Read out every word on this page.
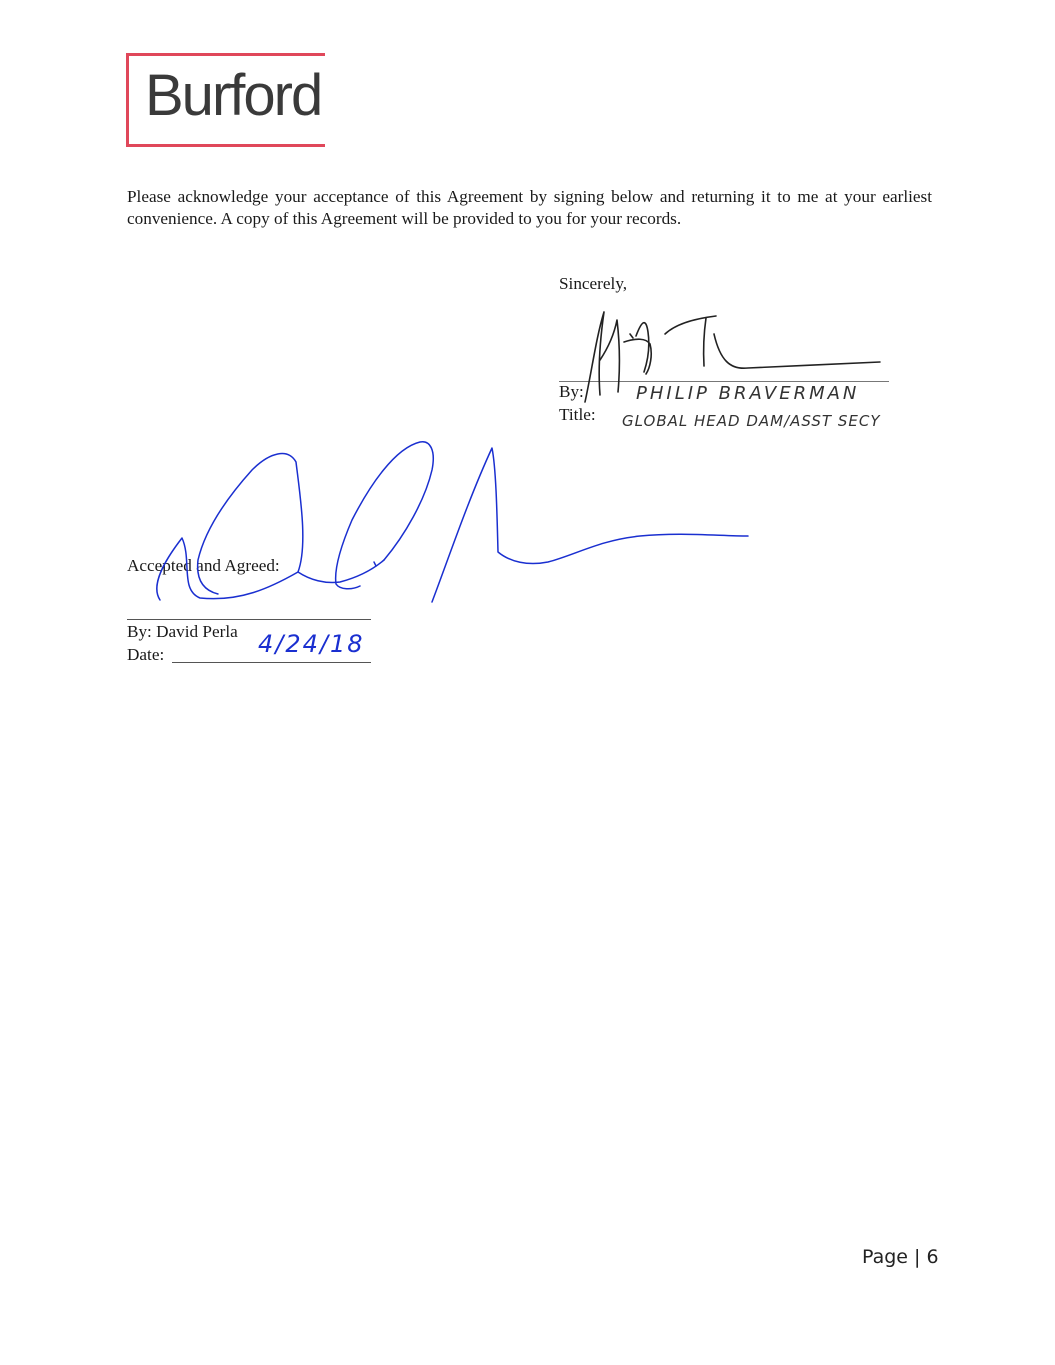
Burford
Please acknowledge your acceptance of this Agreement by signing below and returning it to me at your earliest convenience. A copy of this Agreement will be provided to you for your records.
Sincerely,
By:
Title:
Accepted and Agreed:
By: David Perla
Date:
PHILIP BRAVERMAN
GLOBAL HEAD DAM/ASST SECY
4/24/18
Page | 6
